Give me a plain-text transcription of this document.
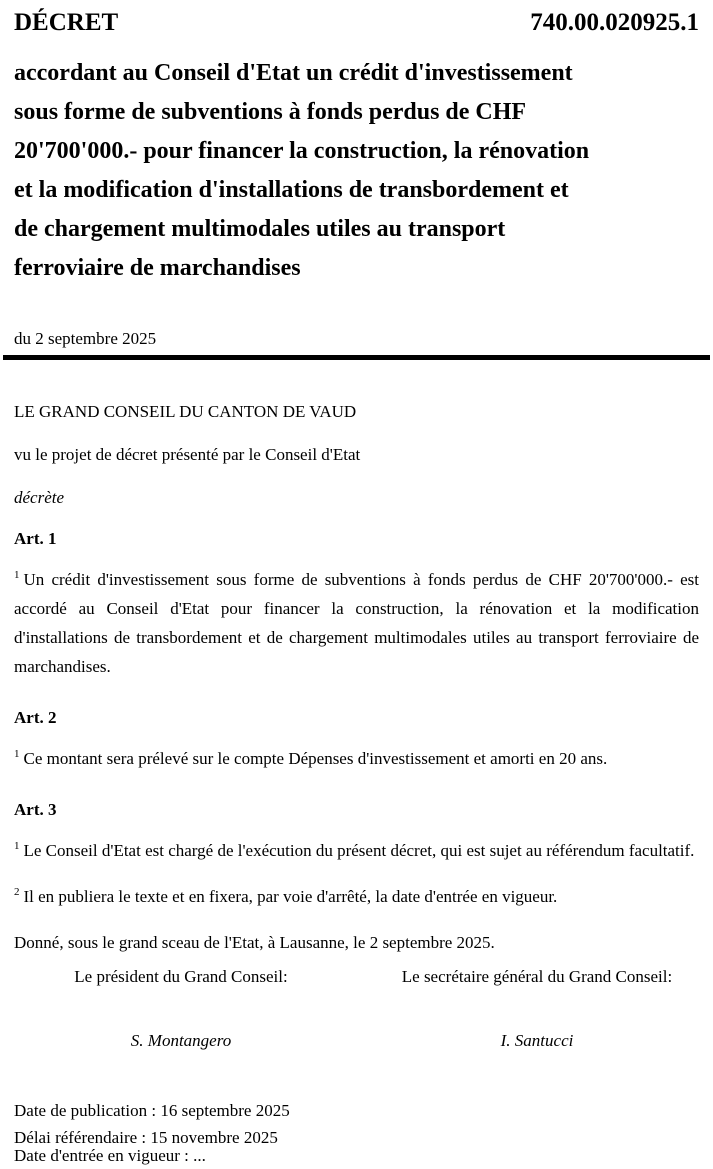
DÉCRET	740.00.020925.1
accordant au Conseil d'Etat un crédit d'investissement
sous forme de subventions à fonds perdus de CHF
20'700'000.- pour financer la construction, la rénovation
et la modification d'installations de transbordement et
de chargement multimodales utiles au transport
ferroviaire de marchandises
du 2 septembre 2025
LE GRAND CONSEIL DU CANTON DE VAUD
vu le projet de décret présenté par le Conseil d'Etat
décrète
Art. 1

$^1$ Un crédit d'investissement sous forme de subventions à fonds perdus de CHF 20'700'000.- est accordé au Conseil d'Etat pour financer la construction, la rénovation et la modification d'installations de transbordement et de chargement multimodales utiles au transport ferroviaire de marchandises.

Art. 2

$^1$ Ce montant sera prélevé sur le compte Dépenses d'investissement et amorti en 20 ans.

Art. 3

$^1$ Le Conseil d'Etat est chargé de l'exécution du présent décret, qui est sujet au référendum facultatif.

$^2$ Il en publiera le texte et en fixera, par voie d'arrêté, la date d'entrée en vigueur.

Donné, sous le grand sceau de l'Etat, à Lausanne, le 2 septembre 2025.
Le président du Grand Conseil:
S. Montangero
Le secrétaire général du Grand Conseil:
I. Santucci
Date de publication : 16 septembre 2025
Délai référendaire : 15 novembre 2025
Date d'entrée en vigueur : ...
